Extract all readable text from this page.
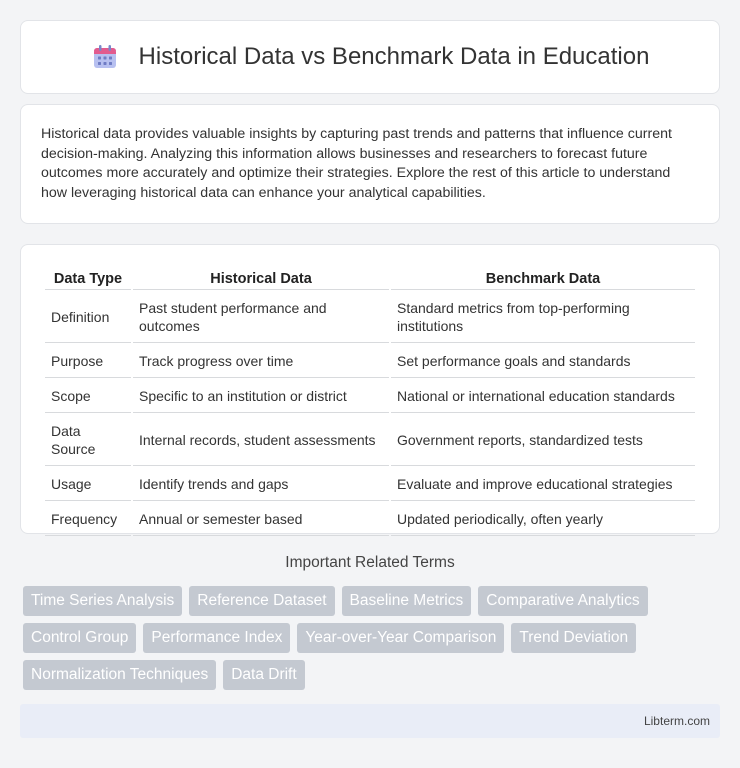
Historical Data vs Benchmark Data in Education

Historical data provides valuable insights by capturing past trends and patterns that influence current decision-making. Analyzing this information allows businesses and researchers to forecast future outcomes more accurately and optimize their strategies. Explore the rest of this article to understand how leveraging historical data can enhance your analytical capabilities.

Data Type	Historical Data	Benchmark Data
Definition	Past student performance and outcomes	Standard metrics from top-performing institutions
Purpose	Track progress over time	Set performance goals and standards
Scope	Specific to an institution or district	National or international education standards
Data Source	Internal records, student assessments	Government reports, standardized tests
Usage	Identify trends and gaps	Evaluate and improve educational strategies
Frequency	Annual or semester based	Updated periodically, often yearly
Important Related Terms
Time Series Analysis	Reference Dataset	Baseline Metrics	Comparative Analytics
Control Group	Performance Index	Year-over-Year Comparison	Trend Deviation
Normalization Techniques	Data Drift
Libterm.com
